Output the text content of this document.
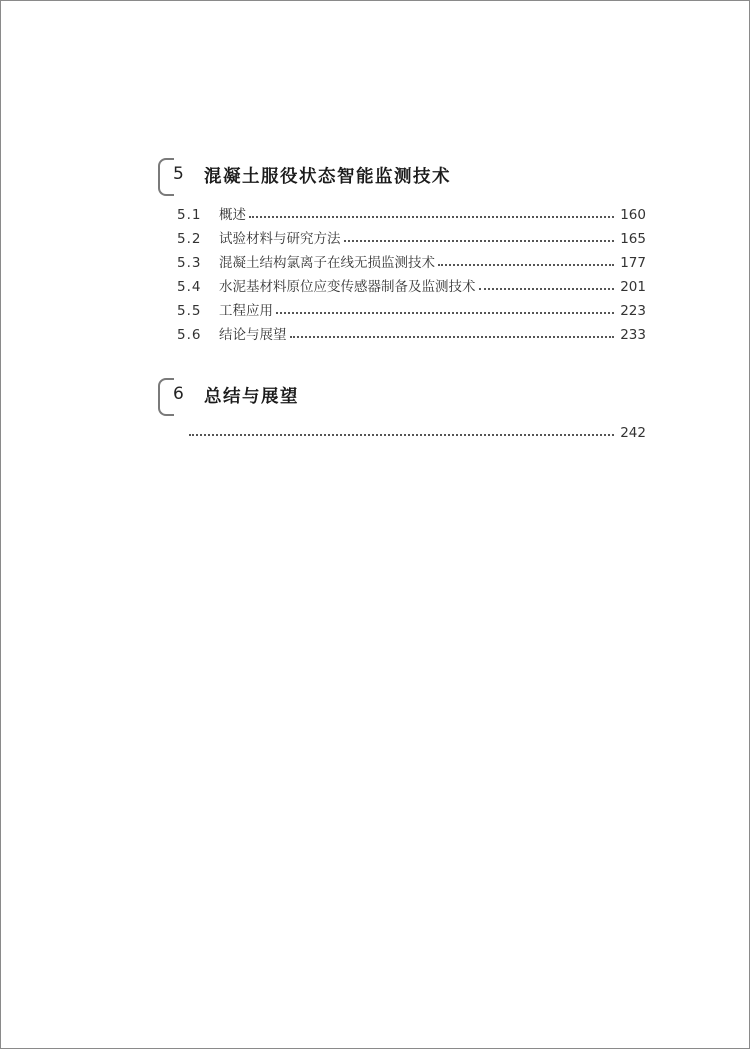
5 混凝土服役状态智能监测技术
5.1	概述	160
5.2	试验材料与研究方法	165
5.3	混凝土结构氯离子在线无损监测技术	177
5.4	水泥基材料原位应变传感器制备及监测技术	201
5.5	工程应用	223
5.6	结论与展望	233
6 总结与展望
242
